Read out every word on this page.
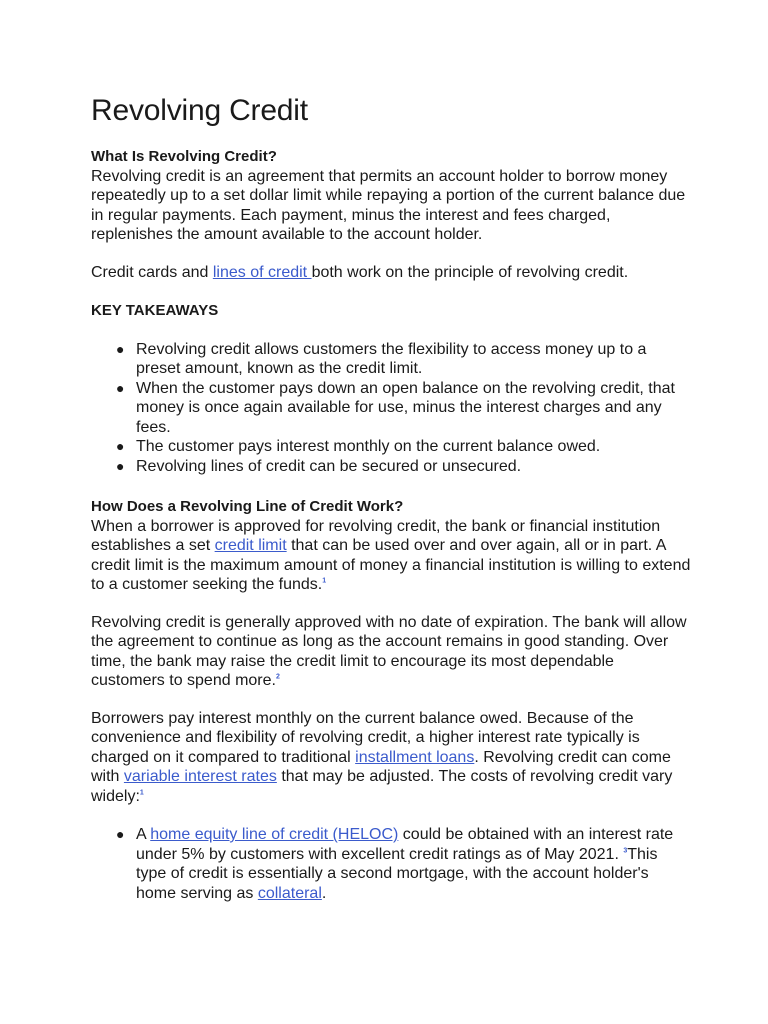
Revolving Credit
What Is Revolving Credit?

Revolving credit is an agreement that permits an account holder to borrow money repeatedly up to a set dollar limit while repaying a portion of the current balance due in regular payments. Each payment, minus the interest and fees charged, replenishes the amount available to the account holder.

Credit cards and lines of credit both work on the principle of revolving credit.

KEY TAKEAWAYS
● Revolving credit allows customers the flexibility to access money up to a preset amount, known as the credit limit.
● When the customer pays down an open balance on the revolving credit, that money is once again available for use, minus the interest charges and any fees.
● The customer pays interest monthly on the current balance owed.
● Revolving lines of credit can be secured or unsecured.
How Does a Revolving Line of Credit Work?

When a borrower is approved for revolving credit, the bank or financial institution establishes a set credit limit that can be used over and over again, all or in part. A credit limit is the maximum amount of money a financial institution is willing to extend to a customer seeking the funds.$^1$

Revolving credit is generally approved with no date of expiration. The bank will allow the agreement to continue as long as the account remains in good standing. Over time, the bank may raise the credit limit to encourage its most dependable customers to spend more.$^2$

Borrowers pay interest monthly on the current balance owed. Because of the convenience and flexibility of revolving credit, a higher interest rate typically is charged on it compared to traditional installment loans. Revolving credit can come with variable interest rates that may be adjusted. The costs of revolving credit vary widely:$^1$

● A home equity line of credit (HELOC) could be obtained with an interest rate under 5% by customers with excellent credit ratings as of May 2021. $^3$This type of credit is essentially a second mortgage, with the account holder's home serving as collateral.
